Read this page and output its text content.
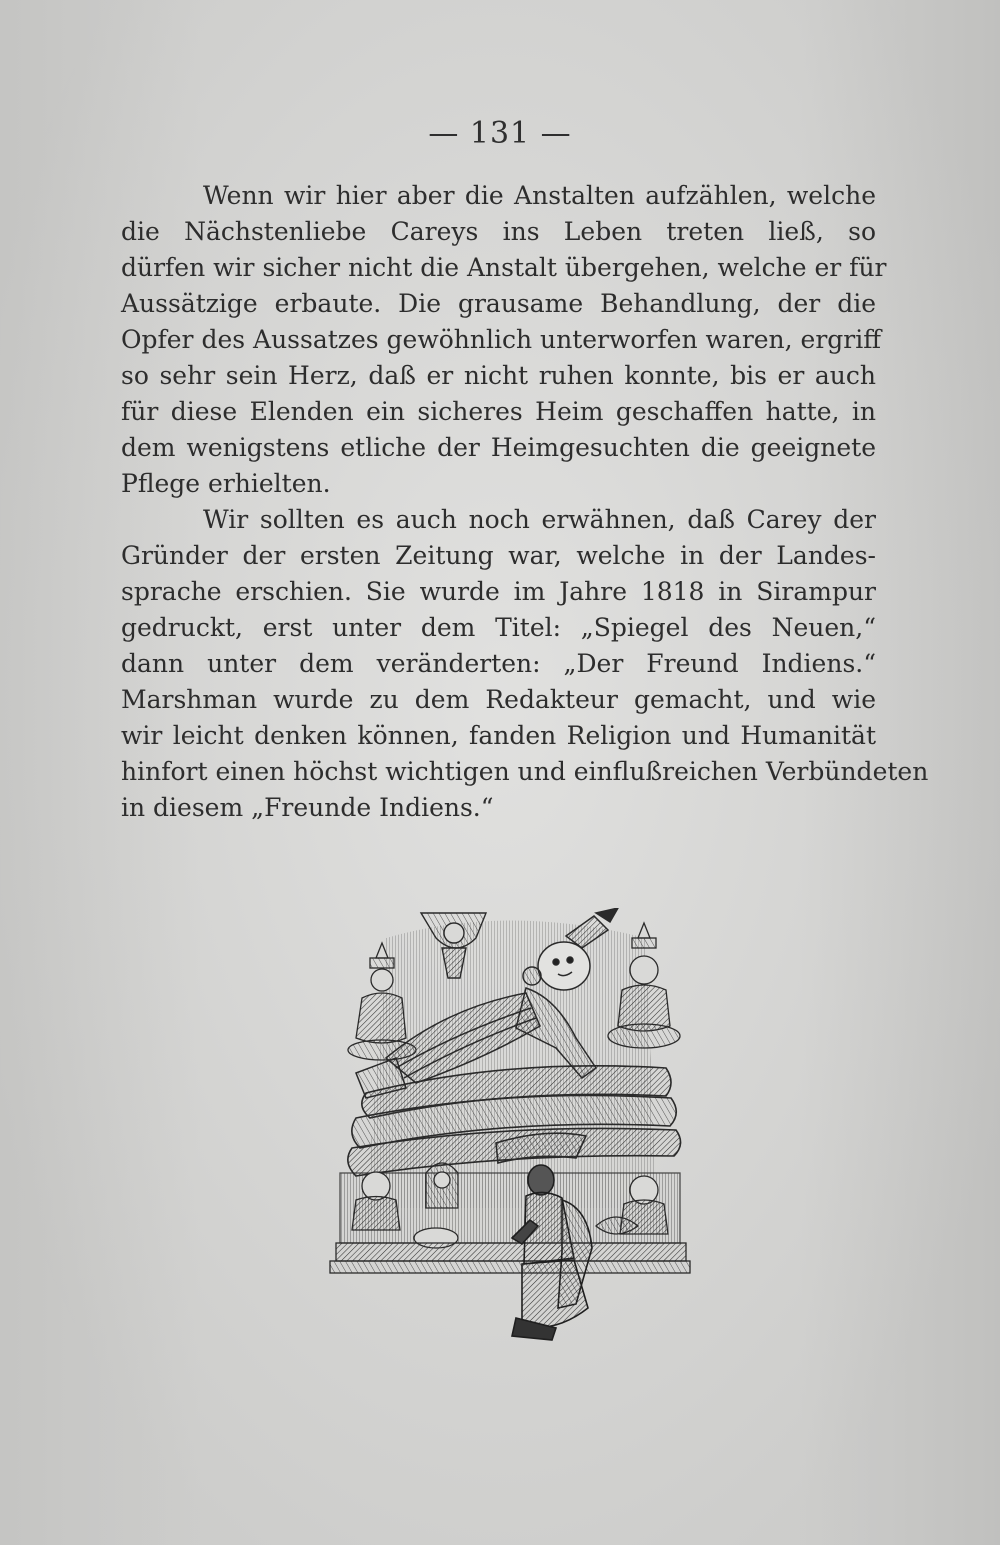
— 131 —
Wenn wir hier aber die Anstalten aufzählen, welche
die Nächstenliebe Careys ins Leben treten ließ, so
dürfen wir sicher nicht die Anstalt übergehen, welche er für
Aussätzige erbaute. Die grausame Behandlung, der die
Opfer des Aussatzes gewöhnlich unterworfen waren, ergriff
so sehr sein Herz, daß er nicht ruhen konnte, bis er auch
für diese Elenden ein sicheres Heim geschaffen hatte, in
dem wenigstens etliche der Heimgesuchten die geeignete
Pflege erhielten.
Wir sollten es auch noch erwähnen, daß Carey der
Gründer der ersten Zeitung war, welche in der Landes-
sprache erschien. Sie wurde im Jahre 1818 in Sirampur
gedruckt, erst unter dem Titel: „Spiegel des Neuen,“
dann unter dem veränderten: „Der Freund Indiens.“
Marshman wurde zu dem Redakteur gemacht, und wie
wir leicht denken können, fanden Religion und Humanität
hinfort einen höchst wichtigen und einflußreichen Verbündeten
in diesem „Freunde Indiens.“
